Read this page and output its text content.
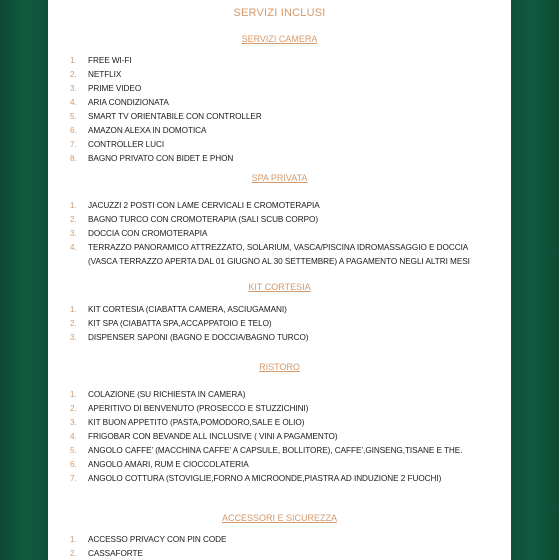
SERVIZI INCLUSI
SERVIZI CAMERA
1.	FREE WI-FI
2.	NETFLIX
3.	PRIME VIDEO
4.	ARIA CONDIZIONATA
5.	SMART TV ORIENTABILE CON CONTROLLER
6.	AMAZON ALEXA IN DOMOTICA
7.	CONTROLLER LUCI
8.	BAGNO PRIVATO CON BIDET E PHON
SPA PRIVATA
1.	JACUZZI 2 POSTI CON LAME CERVICALI E CROMOTERAPIA
2.	BAGNO TURCO CON CROMOTERAPIA (SALI SCUB CORPO)
3.	DOCCIA CON CROMOTERAPIA
4.	TERRAZZO PANORAMICO ATTREZZATO, SOLARIUM, VASCA/PISCINA IDROMASSAGGIO E DOCCIA (VASCA TERRAZZO APERTA DAL 01 GIUGNO AL 30 SETTEMBRE) A PAGAMENTO NEGLI ALTRI MESI
KIT CORTESIA
1.	KIT CORTESIA (CIABATTA CAMERA, ASCIUGAMANI)
2.	KIT SPA (CIABATTA SPA,ACCAPPATOIO E TELO)
3.	DISPENSER SAPONI (BAGNO E DOCCIA/BAGNO TURCO)
RISTORO
1.	COLAZIONE (SU RICHIESTA IN CAMERA)
2.	APERITIVO DI BENVENUTO (PROSECCO E STUZZICHINI)
3.	KIT BUON APPETITO (PASTA,POMODORO,SALE E OLIO)
4.	FRIGOBAR CON BEVANDE ALL INCLUSIVE ( VINI A PAGAMENTO)
5.	ANGOLO CAFFE’ (MACCHINA CAFFE’ A CAPSULE, BOLLITORE), CAFFE’,GINSENG,TISANE E THE.
6.	ANGOLO AMARI, RUM E CIOCCOLATERIA
7.	ANGOLO COTTURA (STOVIGLIE,FORNO A MICROONDE,PIASTRA AD INDUZIONE 2 FUOCHI)
ACCESSORI E SICUREZZA
1.	ACCESSO PRIVACY CON PIN CODE
2.	CASSAFORTE
